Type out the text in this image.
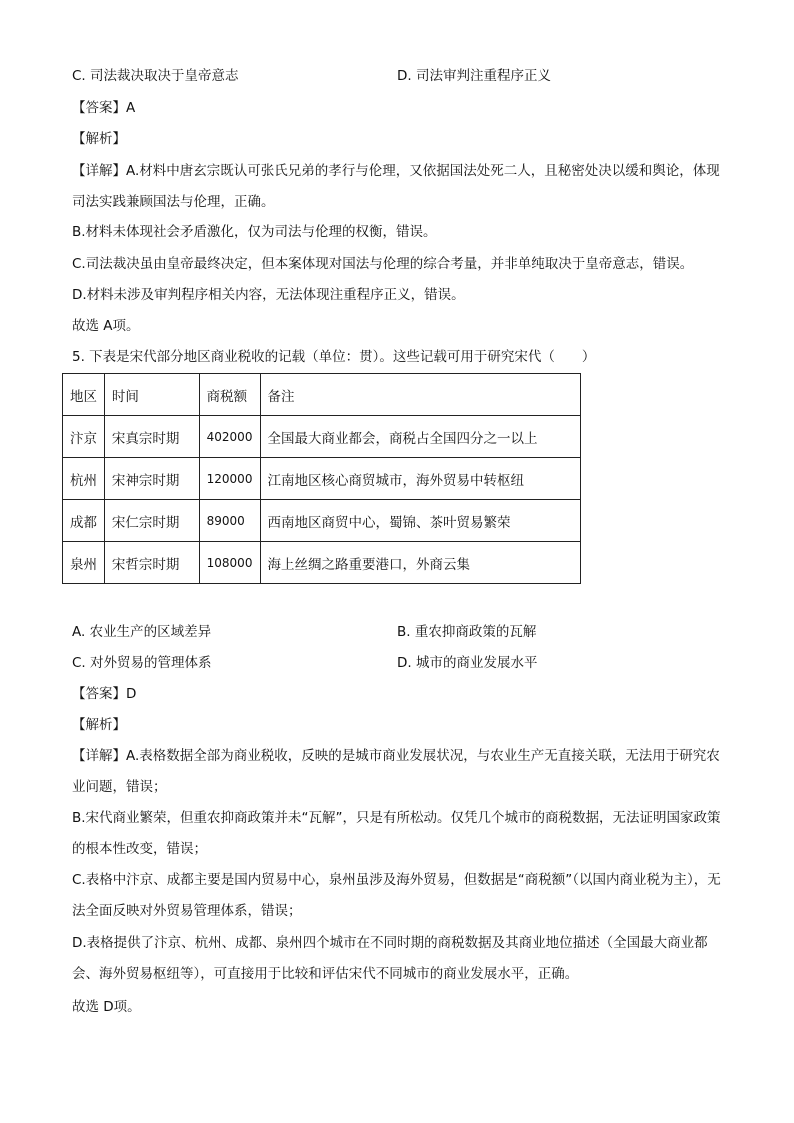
C. 司法裁决取决于皇帝意志	D. 司法审判注重程序正义
【答案】A
【解析】
【详解】A.材料中唐玄宗既认可张氏兄弟的孝行与伦理，又依据国法处死二人，且秘密处决以缓和舆论，体现司法实践兼顾国法与伦理，正确。
B.材料未体现社会矛盾激化，仅为司法与伦理的权衡，错误。
C.司法裁决虽由皇帝最终决定，但本案体现对国法与伦理的综合考量，并非单纯取决于皇帝意志，错误。
D.材料未涉及审判程序相关内容，无法体现注重程序正义，错误。
故选 A项。
5. 下表是宋代部分地区商业税收的记载（单位：贯）。这些记载可用于研究宋代（　　）
地区	时间	商税额	备注
汴京	宋真宗时期	402000	全国最大商业都会，商税占全国四分之一以上
杭州	宋神宗时期	120000	江南地区核心商贸城市，海外贸易中转枢纽
成都	宋仁宗时期	89000	西南地区商贸中心，蜀锦、茶叶贸易繁荣
泉州	宋哲宗时期	108000	海上丝绸之路重要港口，外商云集
A. 农业生产的区域差异	B. 重农抑商政策的瓦解
C. 对外贸易的管理体系	D. 城市的商业发展水平
【答案】D
【解析】
【详解】A.表格数据全部为商业税收，反映的是城市商业发展状况，与农业生产无直接关联，无法用于研究农业问题，错误；
B.宋代商业繁荣，但重农抑商政策并未“瓦解”，只是有所松动。仅凭几个城市的商税数据，无法证明国家政策的根本性改变，错误；
C.表格中汴京、成都主要是国内贸易中心，泉州虽涉及海外贸易，但数据是“商税额”（以国内商业税为主），无法全面反映对外贸易管理体系，错误；
D.表格提供了汴京、杭州、成都、泉州四个城市在不同时期的商税数据及其商业地位描述（全国最大商业都会、海外贸易枢纽等），可直接用于比较和评估宋代不同城市的商业发展水平，正确。
故选 D项。
